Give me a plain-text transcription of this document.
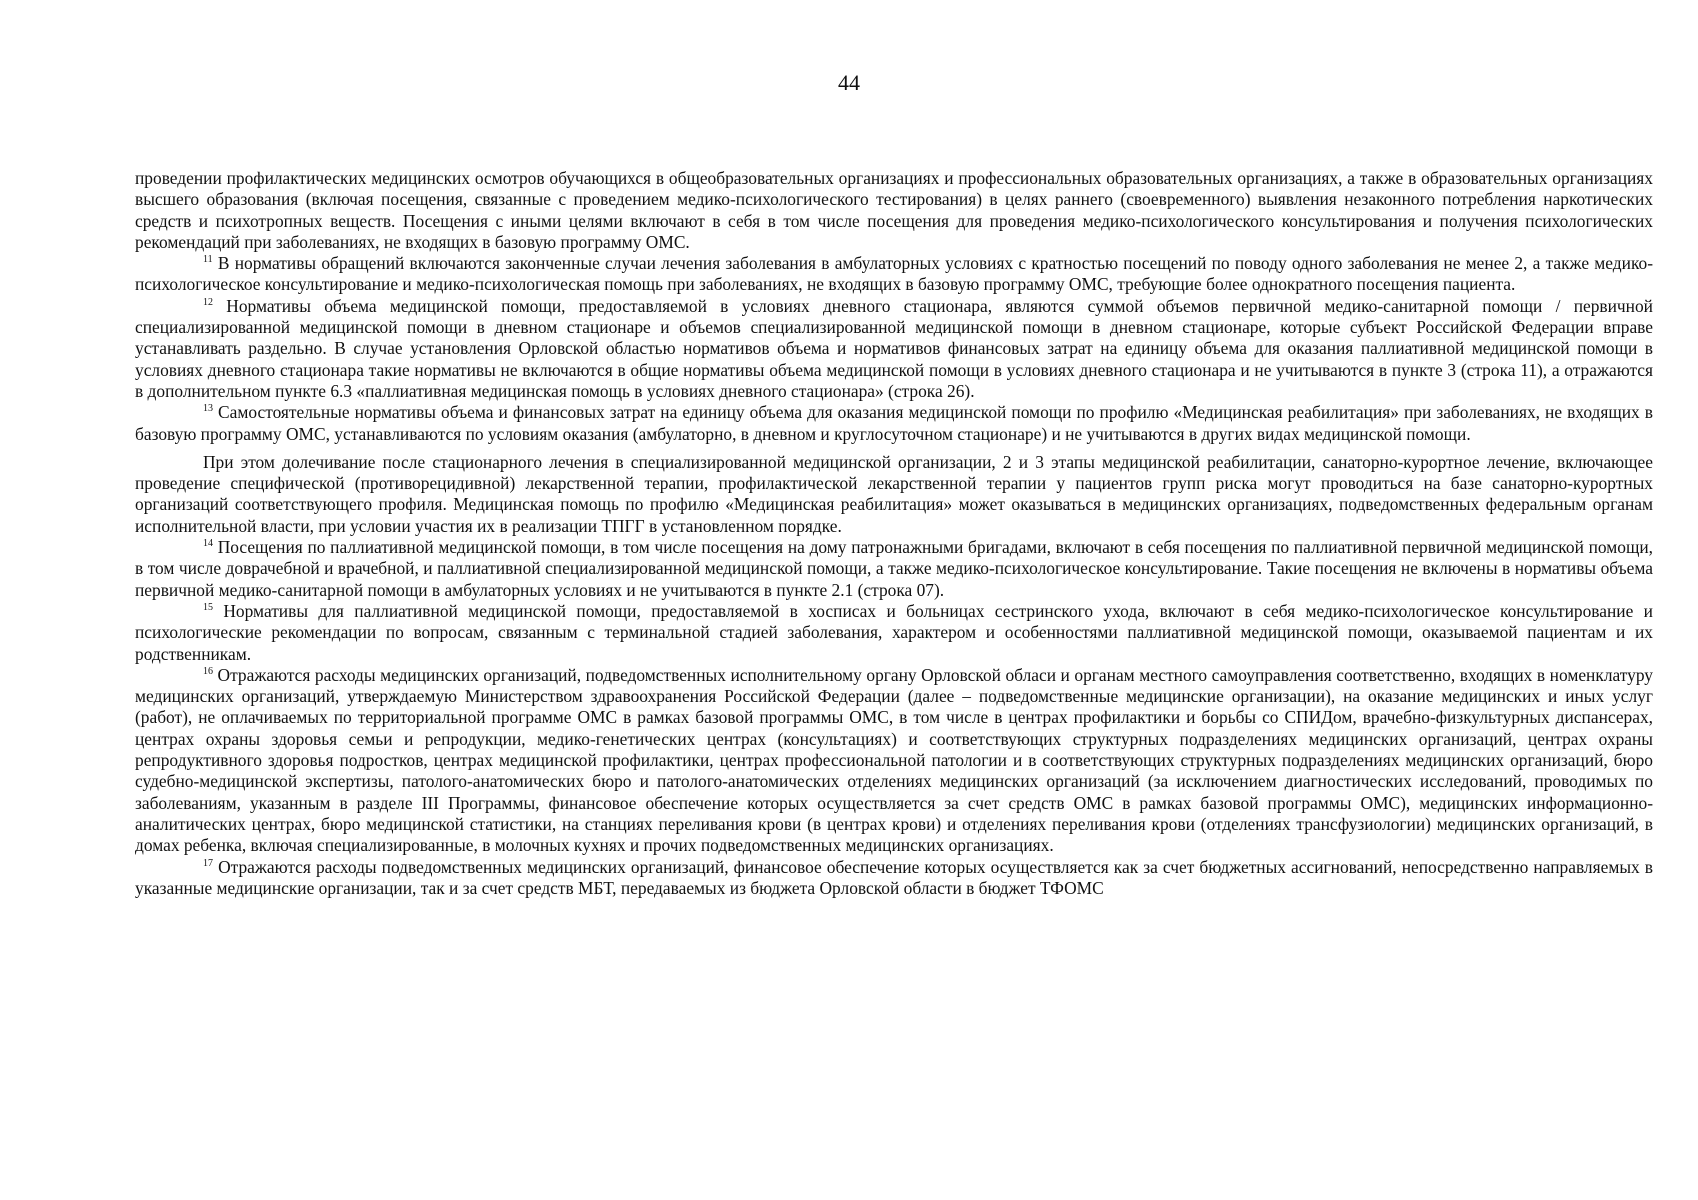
44

проведении профилактических медицинских осмотров обучающихся в общеобразовательных организациях и профессиональных образовательных организациях, а также в образовательных организациях высшего образования (включая посещения, связанные с проведением медико-психологического тестирования) в целях раннего (своевременного) выявления незаконного потребления наркотических средств и психотропных веществ. Посещения с иными целями включают в себя в том числе посещения для проведения медико-психологического консультирования и получения психологических рекомендаций при заболеваниях, не входящих в базовую программу ОМС.

$^{11}$ В нормативы обращений включаются законченные случаи лечения заболевания в амбулаторных условиях с кратностью посещений по поводу одного заболевания не менее 2, а также медико-психологическое консультирование и медико-психологическая помощь при заболеваниях, не входящих в базовую программу ОМС, требующие более однократного посещения пациента.

$^{12}$ Нормативы объема медицинской помощи, предоставляемой в условиях дневного стационара, являются суммой объемов первичной медико-санитарной помощи / первичной специализированной медицинской помощи в дневном стационаре и объемов специализированной медицинской помощи в дневном стационаре, которые субъект Российской Федерации вправе устанавливать раздельно. В случае установления Орловской областью нормативов объема и нормативов финансовых затрат на единицу объема для оказания паллиативной медицинской помощи в условиях дневного стационара такие нормативы не включаются в общие нормативы объема медицинской помощи в условиях дневного стационара и не учитываются в пункте 3 (строка 11), а отражаются в дополнительном пункте 6.3 «паллиативная медицинская помощь в условиях дневного стационара» (строка 26).

$^{13}$ Самостоятельные нормативы объема и финансовых затрат на единицу объема для оказания медицинской помощи по профилю «Медицинская реабилитация» при заболеваниях, не входящих в базовую программу ОМС, устанавливаются по условиям оказания (амбулаторно, в дневном и круглосуточном стационаре) и не учитываются в других видах медицинской помощи.

При этом долечивание после стационарного лечения в специализированной медицинской организации, 2 и 3 этапы медицинской реабилитации, санаторно-курортное лечение, включающее проведение специфической (противорецидивной) лекарственной терапии, профилактической лекарственной терапии у пациентов групп риска могут проводиться на базе санаторно-курортных организаций соответствующего профиля. Медицинская помощь по профилю «Медицинская реабилитация» может оказываться в медицинских организациях, подведомственных федеральным органам исполнительной власти, при условии участия их в реализации ТПГГ в установленном порядке.

$^{14}$ Посещения по паллиативной медицинской помощи, в том числе посещения на дому патронажными бригадами, включают в себя посещения по паллиативной первичной медицинской помощи, в том числе доврачебной и врачебной, и паллиативной специализированной медицинской помощи, а также медико-психологическое консультирование. Такие посещения не включены в нормативы объема первичной медико-санитарной помощи в амбулаторных условиях и не учитываются в пункте 2.1 (строка 07).

$^{15}$ Нормативы для паллиативной медицинской помощи, предоставляемой в хосписах и больницах сестринского ухода, включают в себя медико-психологическое консультирование и психологические рекомендации по вопросам, связанным с терминальной стадией заболевания, характером и особенностями паллиативной медицинской помощи, оказываемой пациентам и их родственникам.

$^{16}$ Отражаются расходы медицинских организаций, подведомственных исполнительному органу Орловской облаcи и органам местного самоуправления соответственно, входящих в номенклатуру медицинских организаций, утверждаемую Министерством здравоохранения Российской Федерации (далее – подведомственные медицинские организации), на оказание медицинских и иных услуг (работ), не оплачиваемых по территориальной программе ОМС в рамках базовой программы ОМС, в том числе в центрах профилактики и борьбы со СПИДом, врачебно-физкультурных диспансерах, центрах охраны здоровья семьи и репродукции, медико-генетических центрах (консультациях) и соответствующих структурных подразделениях медицинских организаций, центрах охраны репродуктивного здоровья подростков, центрах медицинской профилактики, центрах профессиональной патологии и в соответствующих структурных подразделениях медицинских организаций, бюро судебно-медицинской экспертизы, патолого-анатомических бюро и патолого-анатомических отделениях медицинских организаций (за исключением диагностических исследований, проводимых по заболеваниям, указанным в разделе III Программы, финансовое обеспечение которых осуществляется за счет средств ОМС в рамках базовой программы ОМС), медицинских информационно-аналитических центрах, бюро медицинской статистики, на станциях переливания крови (в центрах крови) и отделениях переливания крови (отделениях трансфузиологии) медицинских организаций, в домах ребенка, включая специализированные, в молочных кухнях и прочих подведомственных медицинских организациях.

$^{17}$ Отражаются расходы подведомственных медицинских организаций, финансовое обеспечение которых осуществляется как за счет бюджетных ассигнований, непосредственно направляемых в указанные медицинские организации, так и за счет средств МБТ, передаваемых из бюджета Орловской области в бюджет ТФОМС
